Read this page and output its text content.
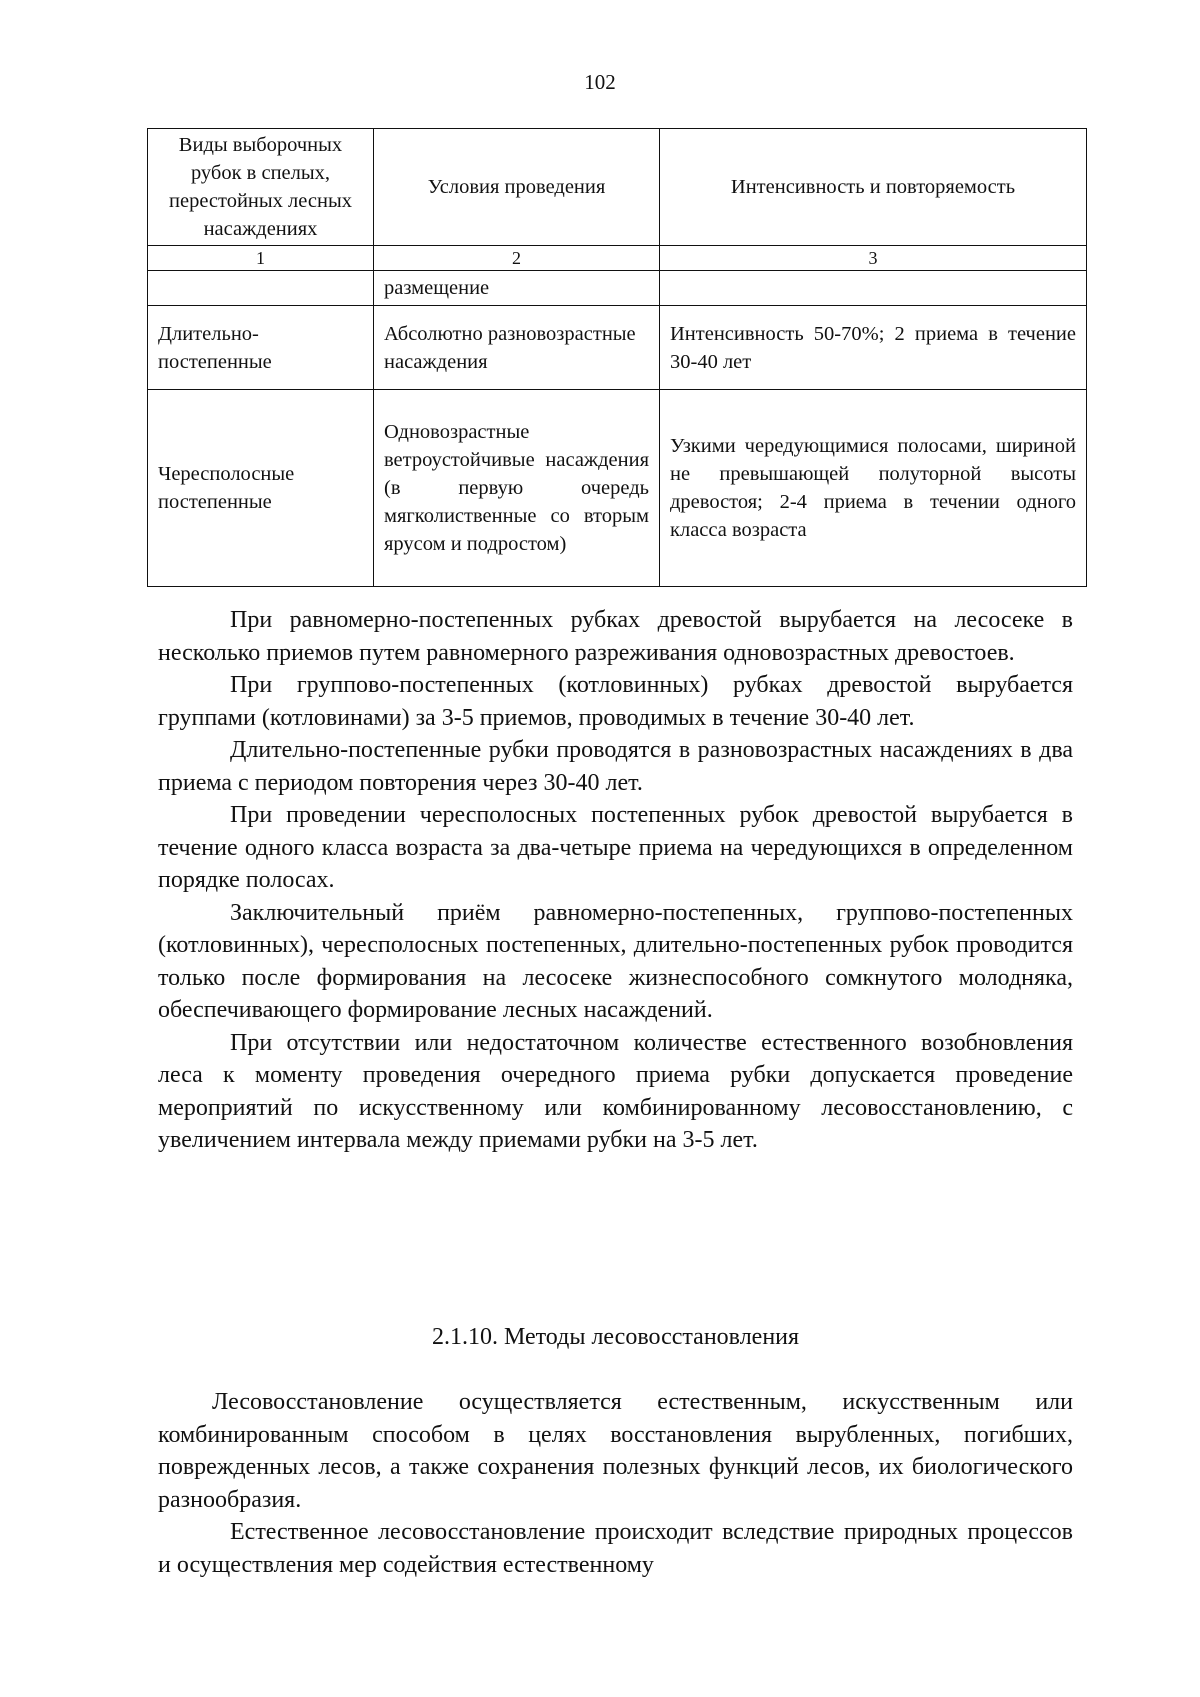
102
Виды выборочных рубок в спелых, перестойных лесных насаждениях	Условия проведения	Интенсивность и повторяемость
1	2	3
	размещение	
Длительно-постепенные	Абсолютно разновозрастные насаждения	Интенсивность 50-70%; 2 приема в течение 30-40 лет
Чересполосные постепенные	Одновозрастные ветроустойчивые насаждения (в первую очередь мягколиственные со вторым ярусом и подростом)	Узкими чередующимися полосами, шириной не превышающей полуторной высоты древостоя; 2-4 приема в течении одного класса возраста

При равномерно-постепенных рубках древостой вырубается на лесосеке в несколько приемов путем равномерного разреживания одновозрастных древостоев.

При группово-постепенных (котловинных) рубках древостой вырубается группами (котловинами) за 3-5 приемов, проводимых в течение 30-40 лет.

Длительно-постепенные рубки проводятся в разновозрастных насаждениях в два приема с периодом повторения через 30-40 лет.

При проведении чересполосных постепенных рубок древостой вырубается в течение одного класса возраста за два-четыре приема на чередующихся в определенном порядке полосах.

Заключительный приём равномерно-постепенных, группово-постепенных (котловинных), чересполосных постепенных, длительно-постепенных рубок проводится только после формирования на лесосеке жизнеспособного сомкнутого молодняка, обеспечивающего формирование лесных насаждений.

При отсутствии или недостаточном количестве естественного возобновления леса к моменту проведения очередного приема рубки допускается проведение мероприятий по искусственному или комбинированному лесовосстановлению, с увеличением интервала между приемами рубки на 3-5 лет.

2.1.10. Методы лесовосстановления

Лесовосстановление осуществляется естественным, искусственным или комбинированным способом в целях восстановления вырубленных, погибших, поврежденных лесов, а также сохранения полезных функций лесов, их биологического разнообразия.

Естественное лесовосстановление происходит вследствие природных процессов и осуществления мер содействия естественному
